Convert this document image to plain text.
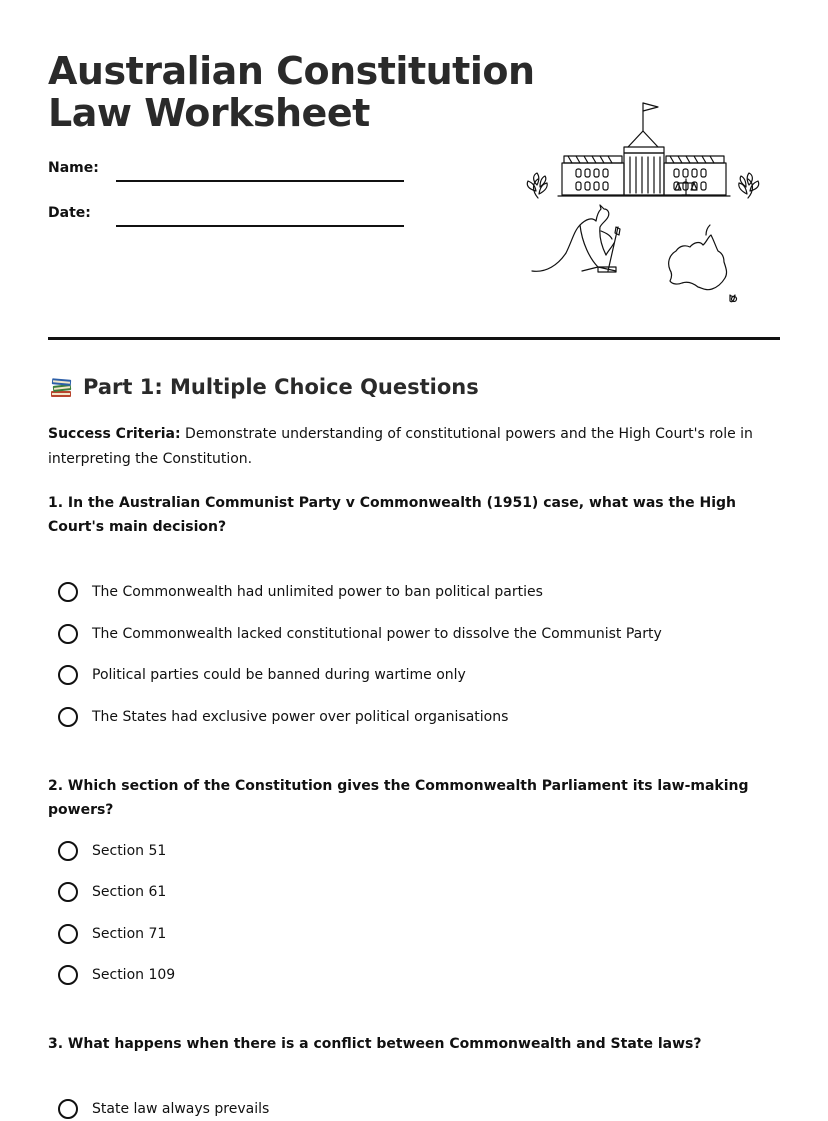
Australian Constitution
Law Worksheet
Name:
Date:
Part 1: Multiple Choice Questions
Success Criteria: Demonstrate understanding of constitutional powers and the High Court's role in interpreting the Constitution.

1. In the Australian Communist Party v Commonwealth (1951) case, what was the High Court's main decision?

The Commonwealth had unlimited power to ban political parties
The Commonwealth lacked constitutional power to dissolve the Communist Party
Political parties could be banned during wartime only
The States had exclusive power over political organisations

2. Which section of the Constitution gives the Commonwealth Parliament its law-making powers?

Section 51
Section 61
Section 71
Section 109

3. What happens when there is a conflict between Commonwealth and State laws?

State law always prevails
